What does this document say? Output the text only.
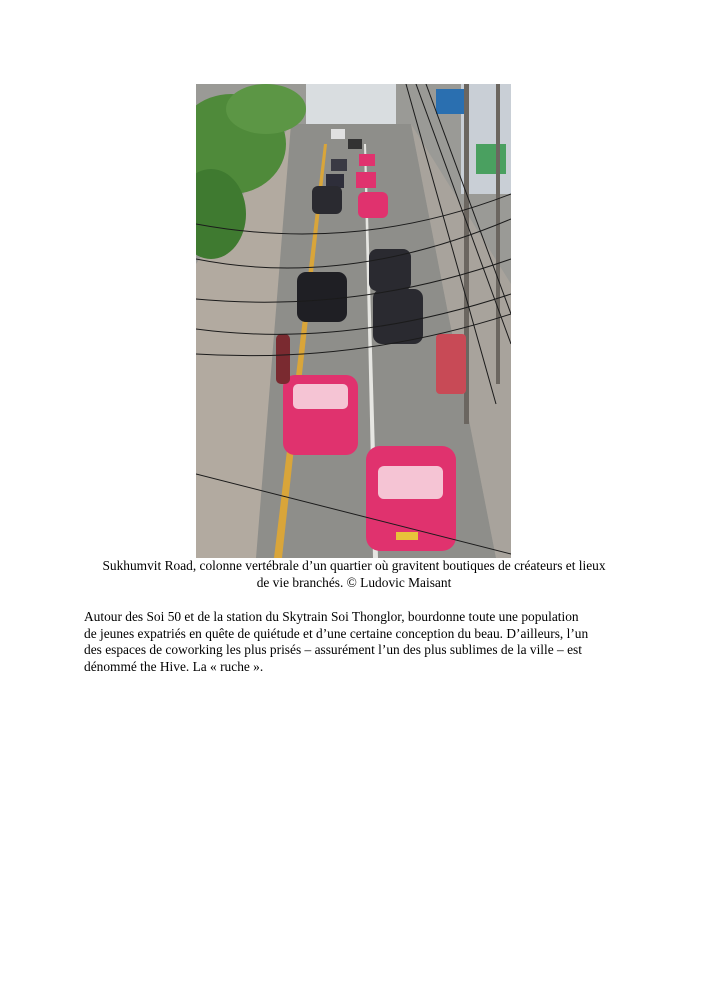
Sukhumvit Road, colonne vertébrale d’un quartier où gravitent boutiques de créateurs et lieux
de vie branchés. © Ludovic Maisant

Autour des Soi 50 et de la station du Skytrain Soi Thonglor, bourdonne toute une population
de jeunes expatriés en quête de quiétude et d’une certaine conception du beau. D’ailleurs, l’un
des espaces de coworking les plus prisés – assurément l’un des plus sublimes de la ville – est
dénommé the Hive. La « ruche ».
